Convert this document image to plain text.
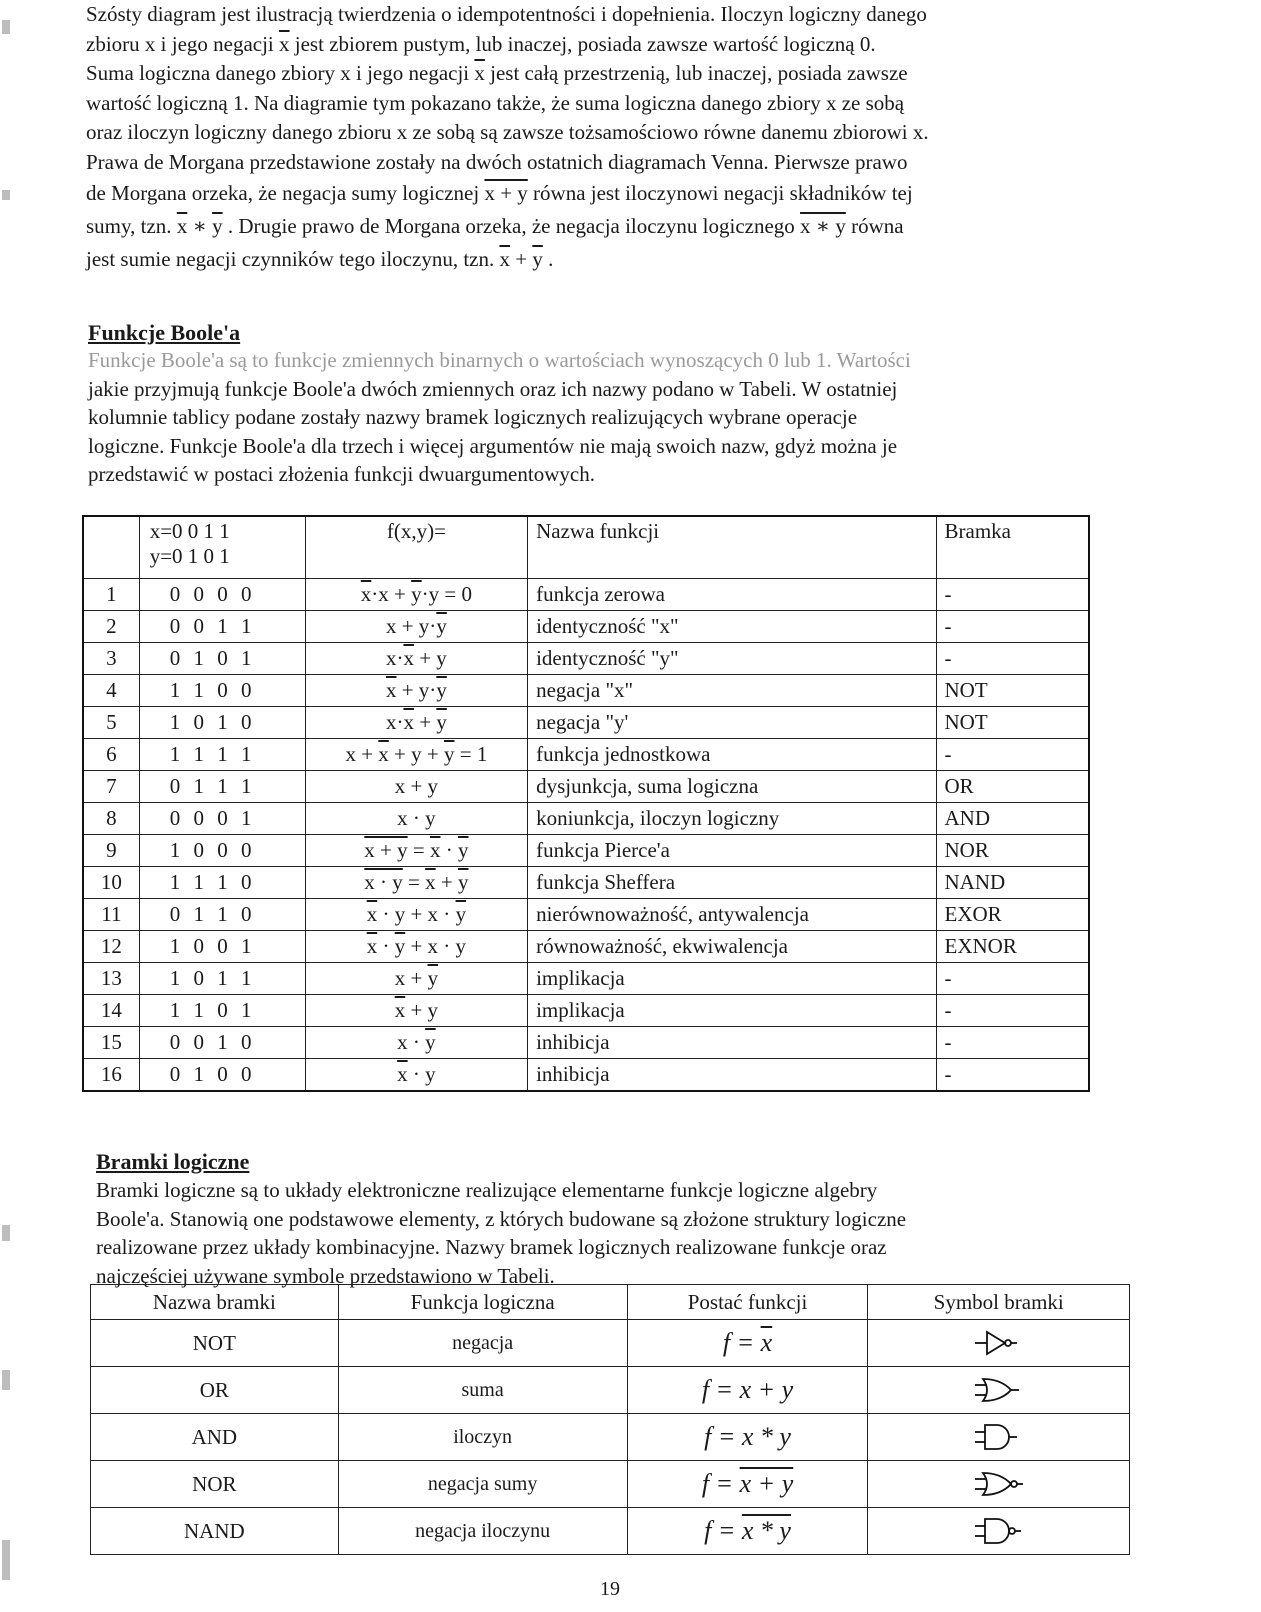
Szósty diagram jest ilustracją twierdzenia o idempotentności i dopełnienia. Iloczyn logiczny danego
zbioru x i jego negacji $\overline{x}$ jest zbiorem pustym, lub inaczej, posiada zawsze wartość logiczną 0.
Suma logiczna danego zbiory x i jego negacji $\overline{x}$ jest całą przestrzenią, lub inaczej, posiada zawsze
wartość logiczną 1. Na diagramie tym pokazano także, że suma logiczna danego zbiory x ze sobą
oraz iloczyn logiczny danego zbioru x ze sobą są zawsze tożsamościowo równe danemu zbiorowi x.
Prawa de Morgana przedstawione zostały na dwóch ostatnich diagramach Venna. Pierwsze prawo
de Morgana orzeka, że negacja sumy logicznej x + y równa jest iloczynowi negacji składników tej
sumy, tzn. $\overline{x}$ ∗ $\overline{y}$ . Drugie prawo de Morgana orzeka, że negacja iloczynu logicznego x ∗ y równa
jest sumie negacji czynników tego iloczynu, tzn. $\overline{x} + \overline{y}$ .

Funkcje Boole'a

Funkcje Boole'a są to funkcje zmiennych binarnych o wartościach wynoszących 0 lub 1. Wartości
jakie przyjmują funkcje Boole'a dwóch zmiennych oraz ich nazwy podano w Tabeli. W ostatniej
kolumnie tablicy podane zostały nazwy bramek logicznych realizujących wybrane operacje
logiczne. Funkcje Boole'a dla trzech i więcej argumentów nie mają swoich nazw, gdyż można je
przedstawić w postaci złożenia funkcji dwuargumentowych.

	x=0 0 1 1
y=0 1 0 1	f(x,y)=	Nazwa funkcji	Bramka
1	0 0 0 0	$\overline{x}\cdot x + \overline{y}\cdot y = 0$	funkcja zerowa	-
2	0 0 1 1	$x + y\cdot\overline{y}$	identyczność "x"	-
3	0 1 0 1	$x\cdot\overline{x} + y$	identyczność "y"	-
4	1 1 0 0	$\overline{x} + y\cdot\overline{y}$	negacja "x"	NOT
5	1 0 1 0	$x\cdot\overline{x} + \overline{y}$	negacja "y'	NOT
6	1 1 1 1	$x + \overline{x} + y + \overline{y} = 1$	funkcja jednostkowa	-
7	0 1 1 1	x + y	dysjunkcja, suma logiczna	OR
8	0 0 0 1	x · y	koniunkcja, iloczyn logiczny	AND
9	1 0 0 0	$x + y = \overline{x} \cdot \overline{y}$	funkcja Pierce'a	NOR
10	1 1 1 0	$x \cdot y = \overline{x} + \overline{y}$	funkcja Sheffera	NAND
11	0 1 1 0	$\overline{x} \cdot y + x \cdot \overline{y}$	nierównoważność, antywalencja	EXOR
12	1 0 0 1	$\overline{x} \cdot \overline{y} + x \cdot y$	równoważność, ekwiwalencja	EXNOR
13	1 0 1 1	$x + \overline{y}$	implikacja	-
14	1 1 0 1	$\overline{x} + y$	implikacja	-
15	0 0 1 0	$x \cdot \overline{y}$	inhibicja	-
16	0 1 0 0	$\overline{x} \cdot y$	inhibicja	-
Bramki logiczne

Bramki logiczne są to układy elektroniczne realizujące elementarne funkcje logiczne algebry
Boole'a. Stanowią one podstawowe elementy, z których budowane są złożone struktury logiczne
realizowane przez układy kombinacyjne. Nazwy bramek logicznych realizowane funkcje oraz
najczęściej używane symbole przedstawiono w Tabeli.

Nazwa bramki	Funkcja logiczna	Postać funkcji	Symbol bramki
NOT	negacja	$f = \overline{x}$	
OR	suma	f = x + y	
AND	iloczyn	f = x * y	
NOR	negacja sumy	f = x + y	
NAND	negacja iloczynu	f = x * y	
19
